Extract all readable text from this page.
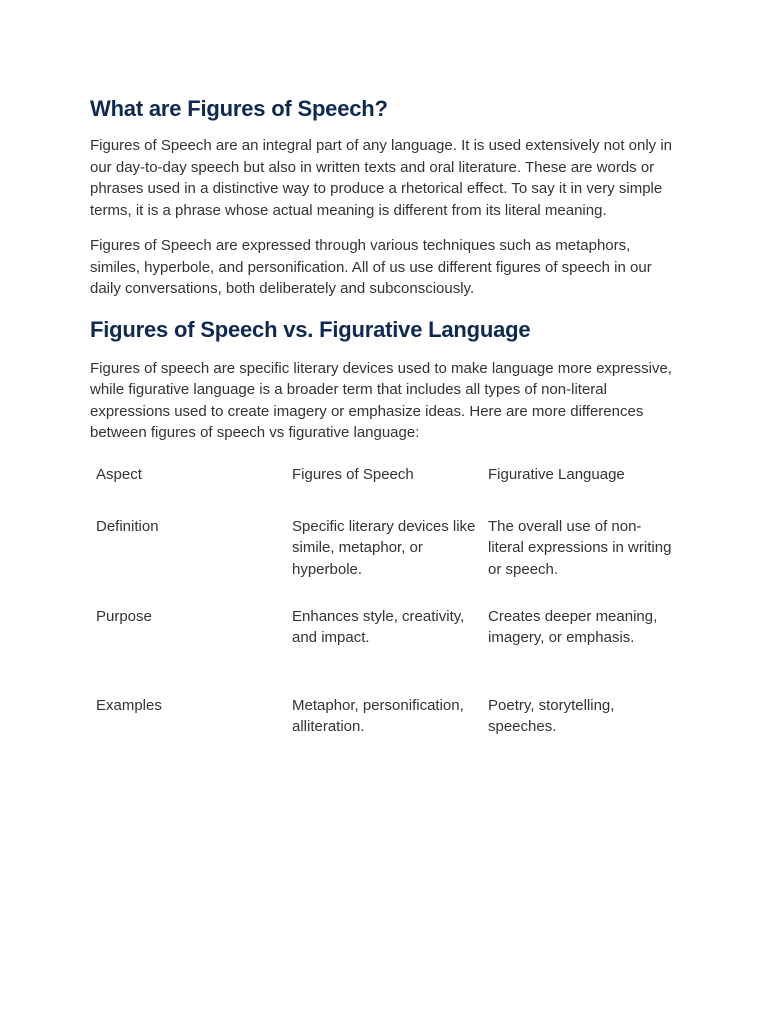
What are Figures of Speech?

Figures of Speech are an integral part of any language. It is used extensively not only in our day-to-day speech but also in written texts and oral literature. These are words or phrases used in a distinctive way to produce a rhetorical effect. To say it in very simple terms, it is a phrase whose actual meaning is different from its literal meaning.

Figures of Speech are expressed through various techniques such as metaphors, similes, hyperbole, and personification. All of us use different figures of speech in our daily conversations, both deliberately and subconsciously.

Figures of Speech vs. Figurative Language

Figures of speech are specific literary devices used to make language more expressive, while figurative language is a broader term that includes all types of non-literal expressions used to create imagery or emphasize ideas. Here are more differences between figures of speech vs figurative language:

Aspect	Figures of Speech	Figurative Language
Definition	Specific literary devices like simile, metaphor, or hyperbole.	The overall use of non-literal expressions in writing or speech.
Purpose	Enhances style, creativity, and impact.	Creates deeper meaning, imagery, or emphasis.
Examples	Metaphor, personification, alliteration.	Poetry, storytelling, speeches.
